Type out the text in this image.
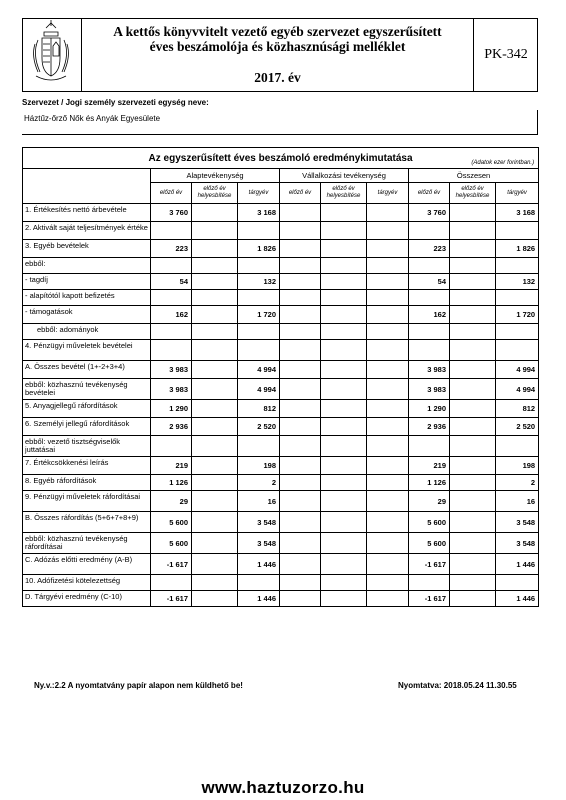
A kettős könyvvitelt vezető egyéb szervezet egyszerűsített
éves beszámolója és közhasznúsági melléklet
2017. év
PK-342
Szervezet / Jogi személy szervezeti egység neve:
Háztűz-őrző Nők és Anyák Egyesülete
Az egyszerűsített éves beszámoló eredménykimutatása (Adatok ezer forintban.)									

	Alaptevékenység			Vállalkozási tevékenység			Összesen		
	előző év	előző év helyesbítése	tárgyév	előző év	előző év helyesbítése	tárgyév	előző év	előző év helyesbítése	tárgyév
1. Értékesítés nettó árbevétele	3 760		3 168				3 760		3 168
2. Aktivált saját teljesítmények értéke									
3. Egyéb bevételek	223		1 826				223		1 826
ebből:									
- tagdíj	54		132				54		132
- alapítótól kapott befizetés									
- támogatások	162		1 720				162		1 720
ebből: adományok									
4. Pénzügyi műveletek bevételei									
A. Összes bevétel (1+-2+3+4)	3 983		4 994				3 983		4 994
ebből: közhasznú tevékenység bevételei	3 983		4 994				3 983		4 994
5. Anyagjellegű ráfordítások	1 290		812				1 290		812
6. Személyi jellegű ráfordítások	2 936		2 520				2 936		2 520
ebből: vezető tisztségviselők juttatásai									
7. Értékcsökkenési leírás	219		198				219		198
8. Egyéb ráfordítások	1 126		2				1 126		2
9. Pénzügyi műveletek ráfordításai	29		16				29		16
B. Összes ráfordítás (5+6+7+8+9)	5 600		3 548				5 600		3 548
ebből: közhasznú tevékenység ráfordításai	5 600		3 548				5 600		3 548
C. Adózás előtti eredmény (A-B)	-1 617		1 446				-1 617		1 446
10. Adófizetési kötelezettség									
D. Tárgyévi eredmény (C-10)	-1 617		1 446				-1 617		1 446
Ny.v.:2.2 A nyomtatvány papír alapon nem küldhető be!	Nyomtatva: 2018.05.24 11.30.55
www.haztuzorzo.hu
